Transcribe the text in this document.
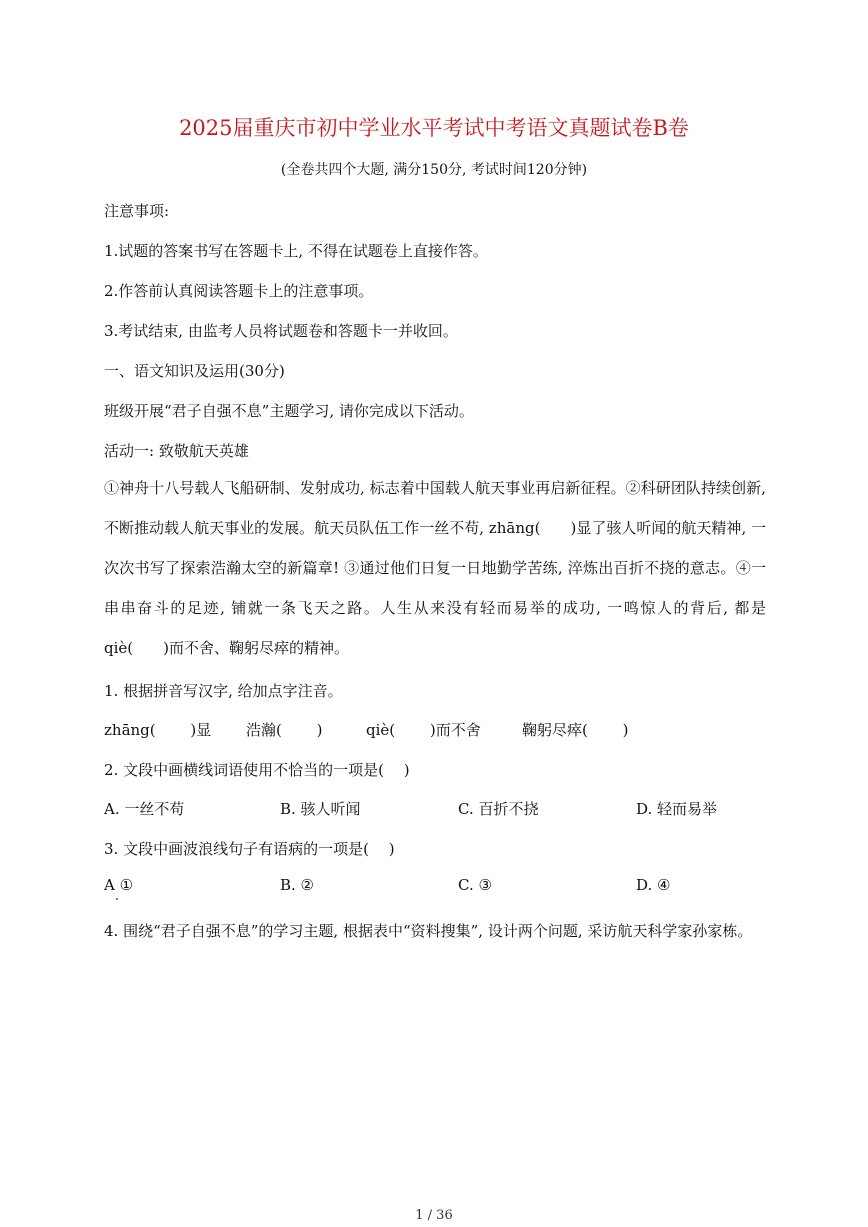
2025届重庆市初中学业水平考试中考语文真题试卷B卷
(全卷共四个大题, 满分150分, 考试时间120分钟)
注意事项:
1.试题的答案书写在答题卡上, 不得在试题卷上直接作答。
2.作答前认真阅读答题卡上的注意事项。
3.考试结束, 由监考人员将试题卷和答题卡一并收回。
一、语文知识及运用(30分)
班级开展“君子自强不息”主题学习, 请你完成以下活动。
活动一: 致敬航天英雄
①神舟十八号载人飞船研制、发射成功, 标志着中国载人航天事业再启新征程。②科研团队持续创新, 不断推动载人航天事业的发展。航天员队伍工作一丝不苟, zhāng(　　)显了骇人听闻的航天精神, 一次次书写了探索浩瀚太空的新篇章! ③通过他们日复一日地勤学苦练, 淬炼出百折不挠的意志。④一串串奋斗的足迹, 铺就一条飞天之路。人生从来没有轻而易举的成功, 一鸣惊人的背后, 都是 qiè(　　)而不舍、鞠躬尽瘁的精神。
1. 根据拼音写汉字, 给加点字注音。
zhāng(　　 )显 浩瀚(　　 )	qiè(　　 )而不舍	鞠躬尽瘁(　　 )
2. 文段中画横线词语使用不恰当的一项是(　 )
A. 一丝不苟	B. 骇人听闻	C. 百折不挠	D. 轻而易举
3. 文段中画波浪线句子有语病的一项是(　 )
A ①	B. ②	C. ③	D. ④
4. 围绕“君子自强不息”的学习主题, 根据表中“资料搜集”, 设计两个问题, 采访航天科学家孙家栋。
1 / 36
